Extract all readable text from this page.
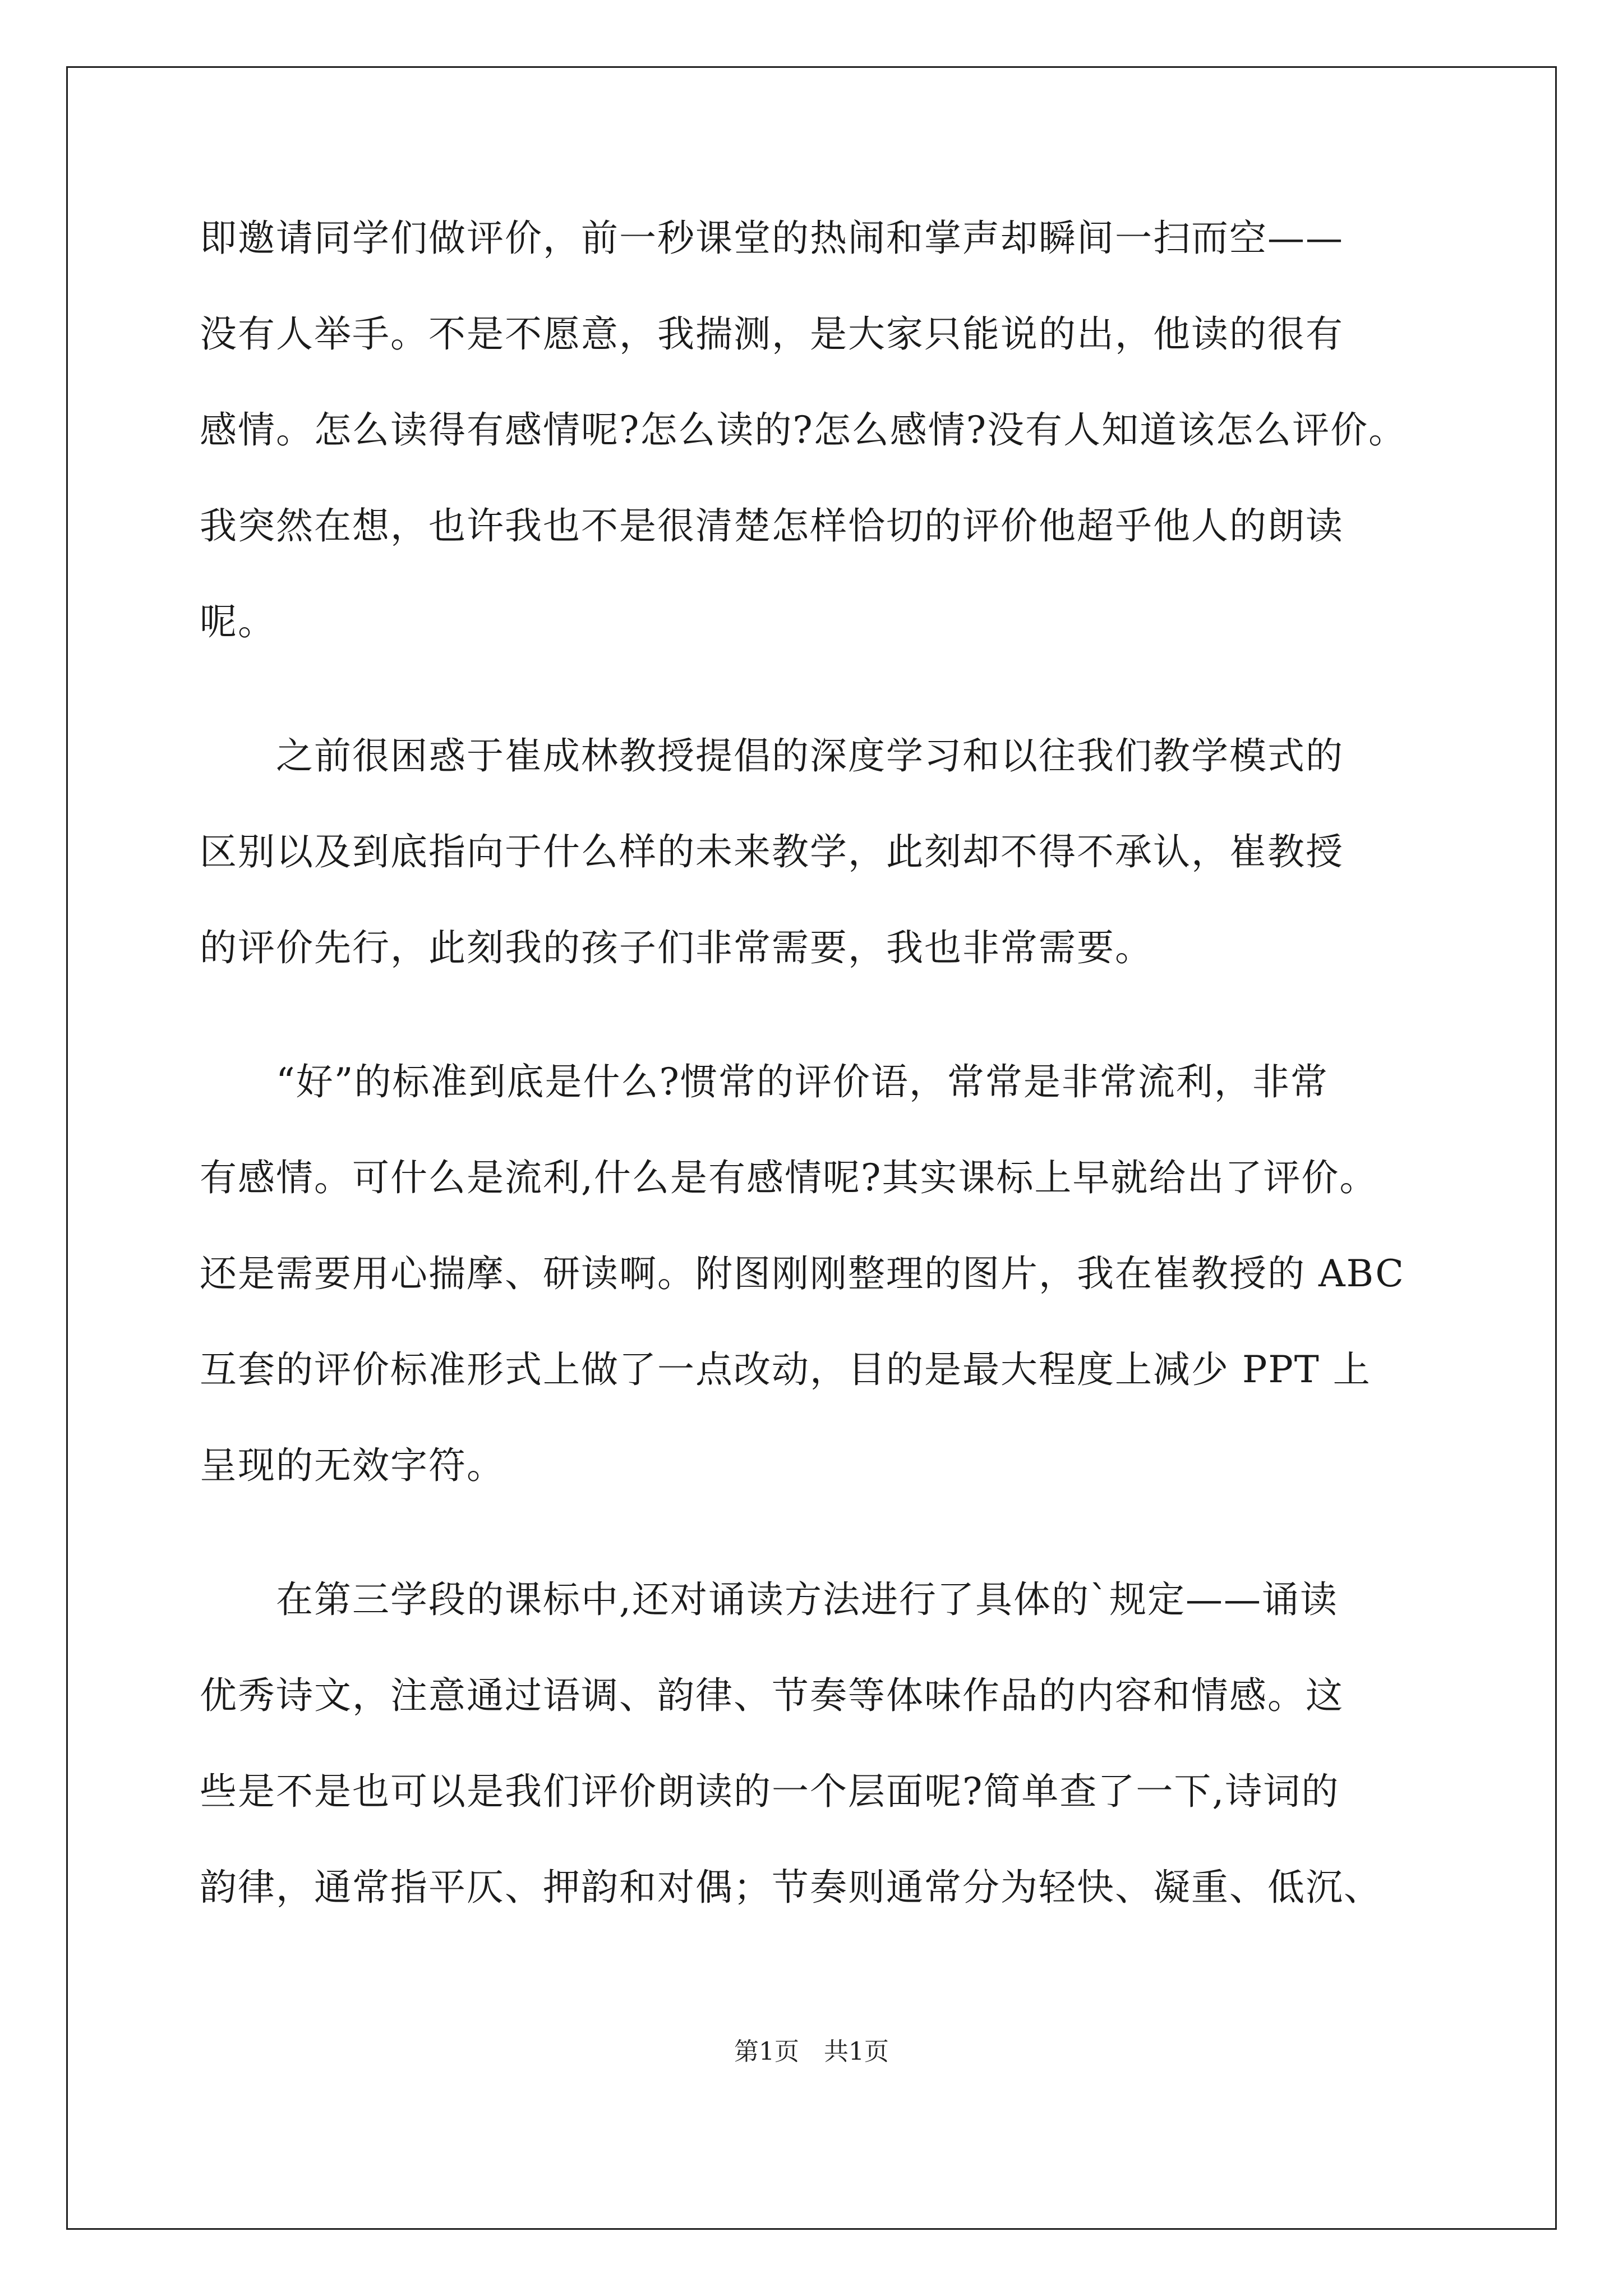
即邀请同学们做评价，前一秒课堂的热闹和掌声却瞬间一扫而空——
没有人举手。不是不愿意，我揣测，是大家只能说的出，他读的很有
感情。怎么读得有感情呢?怎么读的?怎么感情?没有人知道该怎么评价。
我突然在想，也许我也不是很清楚怎样恰切的评价他超乎他人的朗读
呢。
　　之前很困惑于崔成林教授提倡的深度学习和以往我们教学模式的
区别以及到底指向于什么样的未来教学，此刻却不得不承认，崔教授
的评价先行，此刻我的孩子们非常需要，我也非常需要。
　　“好”的标准到底是什么?惯常的评价语，常常是非常流利，非常
有感情。可什么是流利,什么是有感情呢?其实课标上早就给出了评价。
还是需要用心揣摩、研读啊。附图刚刚整理的图片，我在崔教授的 ABC
互套的评价标准形式上做了一点改动，目的是最大程度上减少 PPT 上
呈现的无效字符。
　　在第三学段的课标中,还对诵读方法进行了具体的`规定——诵读
优秀诗文，注意通过语调、韵律、节奏等体味作品的内容和情感。这
些是不是也可以是我们评价朗读的一个层面呢?简单查了一下,诗词的
韵律，通常指平仄、押韵和对偶；节奏则通常分为轻快、凝重、低沉、
第1页　共1页
